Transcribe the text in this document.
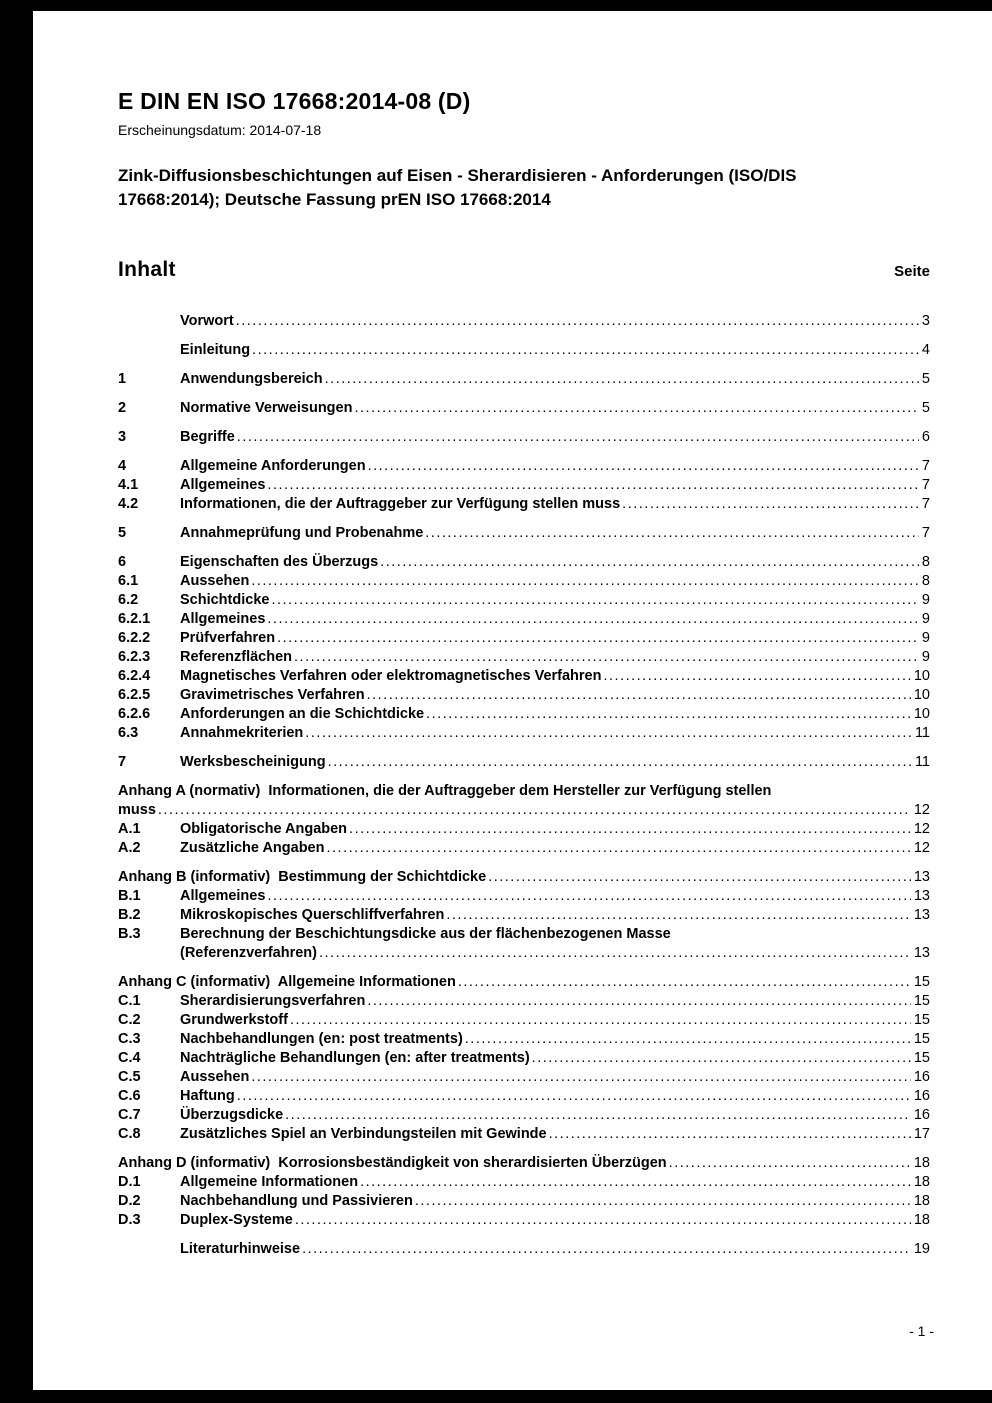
E DIN EN ISO 17668:2014-08 (D)
Erscheinungsdatum: 2014-07-18
Zink-Diffusionsbeschichtungen auf Eisen - Sherardisieren - Anforderungen (ISO/DIS
17668:2014); Deutsche Fassung prEN ISO 17668:2014
Inhalt	Seite
Vorwort .....	3
Einleitung .....	4
1	Anwendungsbereich .....	5
2	Normative Verweisungen .....	5
3	Begriffe .....	6
4	Allgemeine Anforderungen .....	7
4.1	Allgemeines .....	7
4.2	Informationen, die der Auftraggeber zur Verfügung stellen muss .....	7
5	Annahmeprüfung und Probenahme .....	7
6	Eigenschaften des Überzugs .....	8
6.1	Aussehen .....	8
6.2	Schichtdicke .....	9
6.2.1	Allgemeines .....	9
6.2.2	Prüfverfahren .....	9
6.2.3	Referenzflächen .....	9
6.2.4	Magnetisches Verfahren oder elektromagnetisches Verfahren .....	10
6.2.5	Gravimetrisches Verfahren .....	10
6.2.6	Anforderungen an die Schichtdicke .....	10
6.3	Annahmekriterien .....	11
7	Werksbescheinigung .....	11
Anhang A (normativ)  Informationen, die der Auftraggeber dem Hersteller zur Verfügung stellen
muss .....	12
A.1	Obligatorische Angaben .....	12
A.2	Zusätzliche Angaben .....	12
Anhang B (informativ)  Bestimmung der Schichtdicke .....	13
B.1	Allgemeines .....	13
B.2	Mikroskopisches Querschliffverfahren .....	13
B.3	Berechnung der Beschichtungsdicke aus der flächenbezogenen Masse
(Referenzverfahren) .....	13
Anhang C (informativ)  Allgemeine Informationen .....	15
C.1	Sherardisierungsverfahren .....	15
C.2	Grundwerkstoff .....	15
C.3	Nachbehandlungen (en: post treatments) .....	15
C.4	Nachträgliche Behandlungen (en: after treatments) .....	15
C.5	Aussehen .....	16
C.6	Haftung .....	16
C.7	Überzugsdicke .....	16
C.8	Zusätzliches Spiel an Verbindungsteilen mit Gewinde .....	17
Anhang D (informativ)  Korrosionsbeständigkeit von sherardisierten Überzügen .....	18
D.1	Allgemeine Informationen .....	18
D.2	Nachbehandlung und Passivieren .....	18
D.3	Duplex-Systeme .....	18
Literaturhinweise .....	19
- 1 -
